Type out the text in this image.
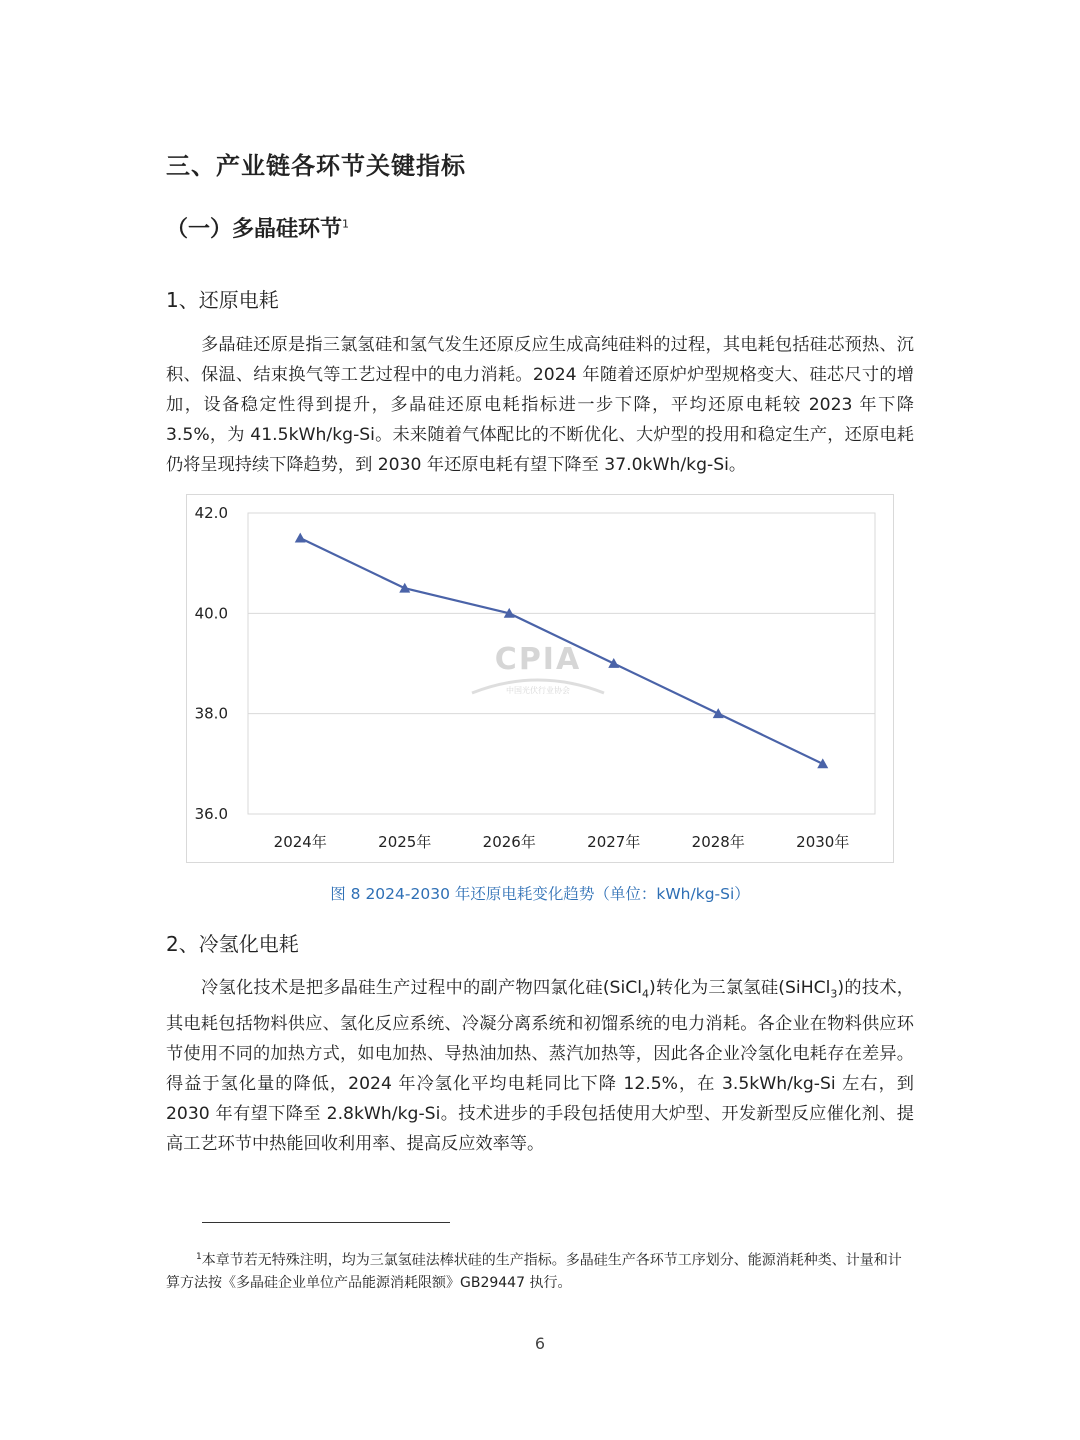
三、产业链各环节关键指标
（一）多晶硅环节$^1$
1、还原电耗

多晶硅还原是指三氯氢硅和氢气发生还原反应生成高纯硅料的过程，其电耗包括硅芯预热、沉积、保温、结束换气等工艺过程中的电力消耗。2024 年随着还原炉炉型规格变大、硅芯尺寸的增加，设备稳定性得到提升，多晶硅还原电耗指标进一步下降，平均还原电耗较 2023 年下降 3.5%，为 41.5kWh/kg-Si。未来随着气体配比的不断优化、大炉型的投用和稳定生产，还原电耗仍将呈现持续下降趋势，到 2030 年还原电耗有望下降至 37.0kWh/kg-Si。

CPIA
中国光伏行业协会
42.0
40.0
38.0
36.0
2024年	2025年	2026年	2027年	2028年	2030年
图 8 2024-2030 年还原电耗变化趋势（单位：kWh/kg-Si）
2、冷氢化电耗

冷氢化技术是把多晶硅生产过程中的副产物四氯化硅(SiCl$_4$)转化为三氯氢硅(SiHCl$_3$)的技术，其电耗包括物料供应、氢化反应系统、冷凝分离系统和初馏系统的电力消耗。各企业在物料供应环节使用不同的加热方式，如电加热、导热油加热、蒸汽加热等，因此各企业冷氢化电耗存在差异。得益于氢化量的降低，2024 年冷氢化平均电耗同比下降 12.5%，在 3.5kWh/kg-Si 左右，到 2030 年有望下降至 2.8kWh/kg-Si。技术进步的手段包括使用大炉型、开发新型反应催化剂、提高工艺环节中热能回收利用率、提高反应效率等。

$^1$本章节若无特殊注明，均为三氯氢硅法棒状硅的生产指标。多晶硅生产各环节工序划分、能源消耗种类、计量和计算方法按《多晶硅企业单位产品能源消耗限额》GB29447 执行。

6
